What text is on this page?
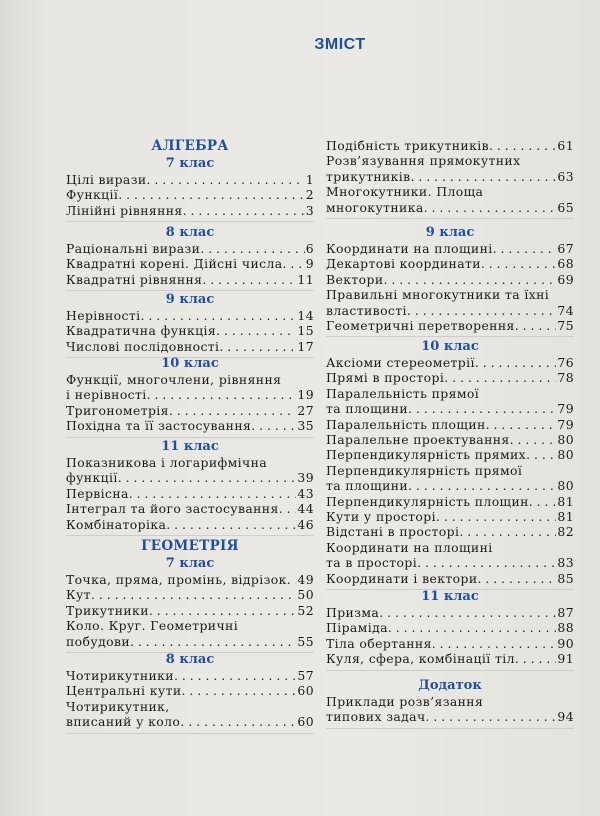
ЗМІСТ
АЛГЕБРА
7 клас
Цілі вирази . . .	1
Функції . . .	2
Лінійні рівняння . . .	3
8 клас
Раціональні вирази . . .	6
Квадратні корені. Дійсні числа . . . 9
Квадратні рівняння . . .	11
9 клас
Нерівності . . .	14
Квадратична функція . . .	15
Числові послідовності . . .	17
10 клас
Функції, многочлени, рівняння
і нерівності . . .	19
Тригонометрія . . .	27
Похідна та її застосування . . .	35
11 клас
Показникова і логарифмічна
функції . . .	39
Первісна . . .	43
Інтеграл та його застосування . . . 44
Комбінаторіка . . .	46
ГЕОМЕТРІЯ
7 клас
Точка, пряма, промінь, відрізок . . . 49
Кут . . .	50
Трикутники . . .	52
Коло. Круг. Геометричні
побудови . . .	55
8 клас
Чотирикутники . . .	57
Центральні кути . . .	60
Чотирикутник,
вписаний у коло . . .	60
Подібність трикутників . . .	61
Розв’язування прямокутних
трикутників . . .	63
Многокутники. Площа
многокутника . . .	65
9 клас
Координати на площині . . .	67
Декартові координати . . .	68
Вектори . . .	69
Правильні многокутники та їхні
властивості . . .	74
Геометричні перетворення . . .	75
10 клас
Аксіоми стереометрії . . .	76
Прямі в просторі . . .	78
Паралельність прямої
та площини . . .	79
Паралельність площин . . .	79
Паралельне проектування . . .	80
Перпендикулярність прямих . . .	80
Перпендикулярність прямої
та площини . . .	80
Перпендикулярність площин . . . 81
Кути у просторі . . .	81
Відстані в просторі . . .	82
Координати на площині
та в просторі . . .	83
Координати і вектори . . .	85
11 клас
Призма . . .	87
Піраміда . . .	88
Тіла обертання . . .	90
Куля, сфера, комбінації тіл . . .	91
Додаток
Приклади розв’язання
типових задач . . .	94
